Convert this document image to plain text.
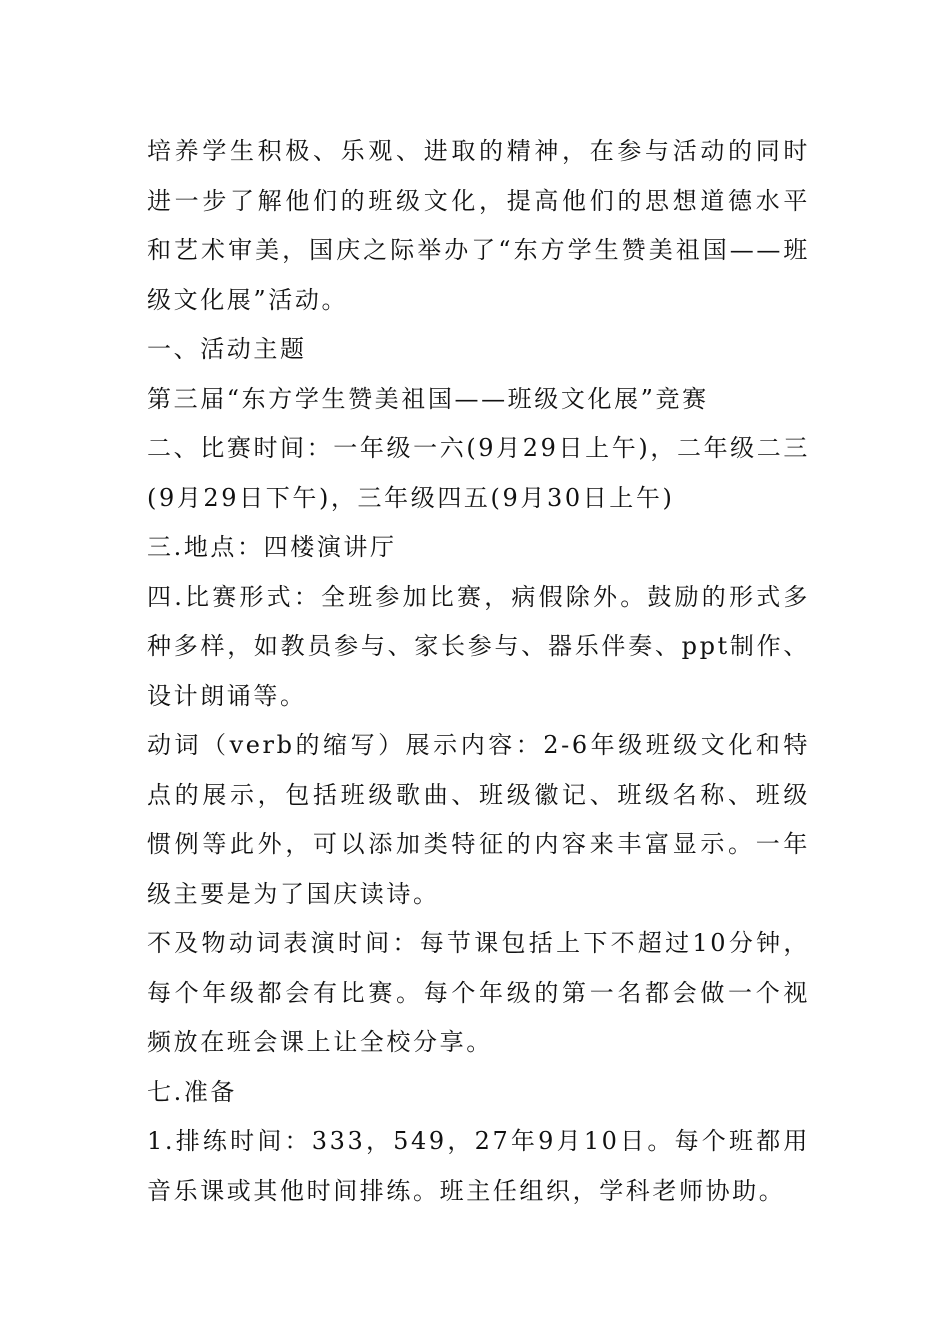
培养学生积极、乐观、进取的精神，在参与活动的同时进一步了解他们的班级文化，提高他们的思想道德水平和艺术审美，国庆之际举办了“东方学生赞美祖国——班级文化展”活动。

一、活动主题

第三届“东方学生赞美祖国——班级文化展”竞赛

二、比赛时间：一年级一六(9月29日上午)，二年级二三(9月29日下午)，三年级四五(9月30日上午)

三.地点：四楼演讲厅

四.比赛形式：全班参加比赛，病假除外。鼓励的形式多种多样，如教员参与、家长参与、器乐伴奏、ppt制作、设计朗诵等。

动词（verb的缩写）展示内容：2-6年级班级文化和特点的展示，包括班级歌曲、班级徽记、班级名称、班级惯例等此外，可以添加类特征的内容来丰富显示。一年级主要是为了国庆读诗。

不及物动词表演时间：每节课包括上下不超过10分钟，每个年级都会有比赛。每个年级的第一名都会做一个视频放在班会课上让全校分享。

七.准备

1.排练时间：333，549，27年9月10日。每个班都用音乐课或其他时间排练。班主任组织，学科老师协助。
